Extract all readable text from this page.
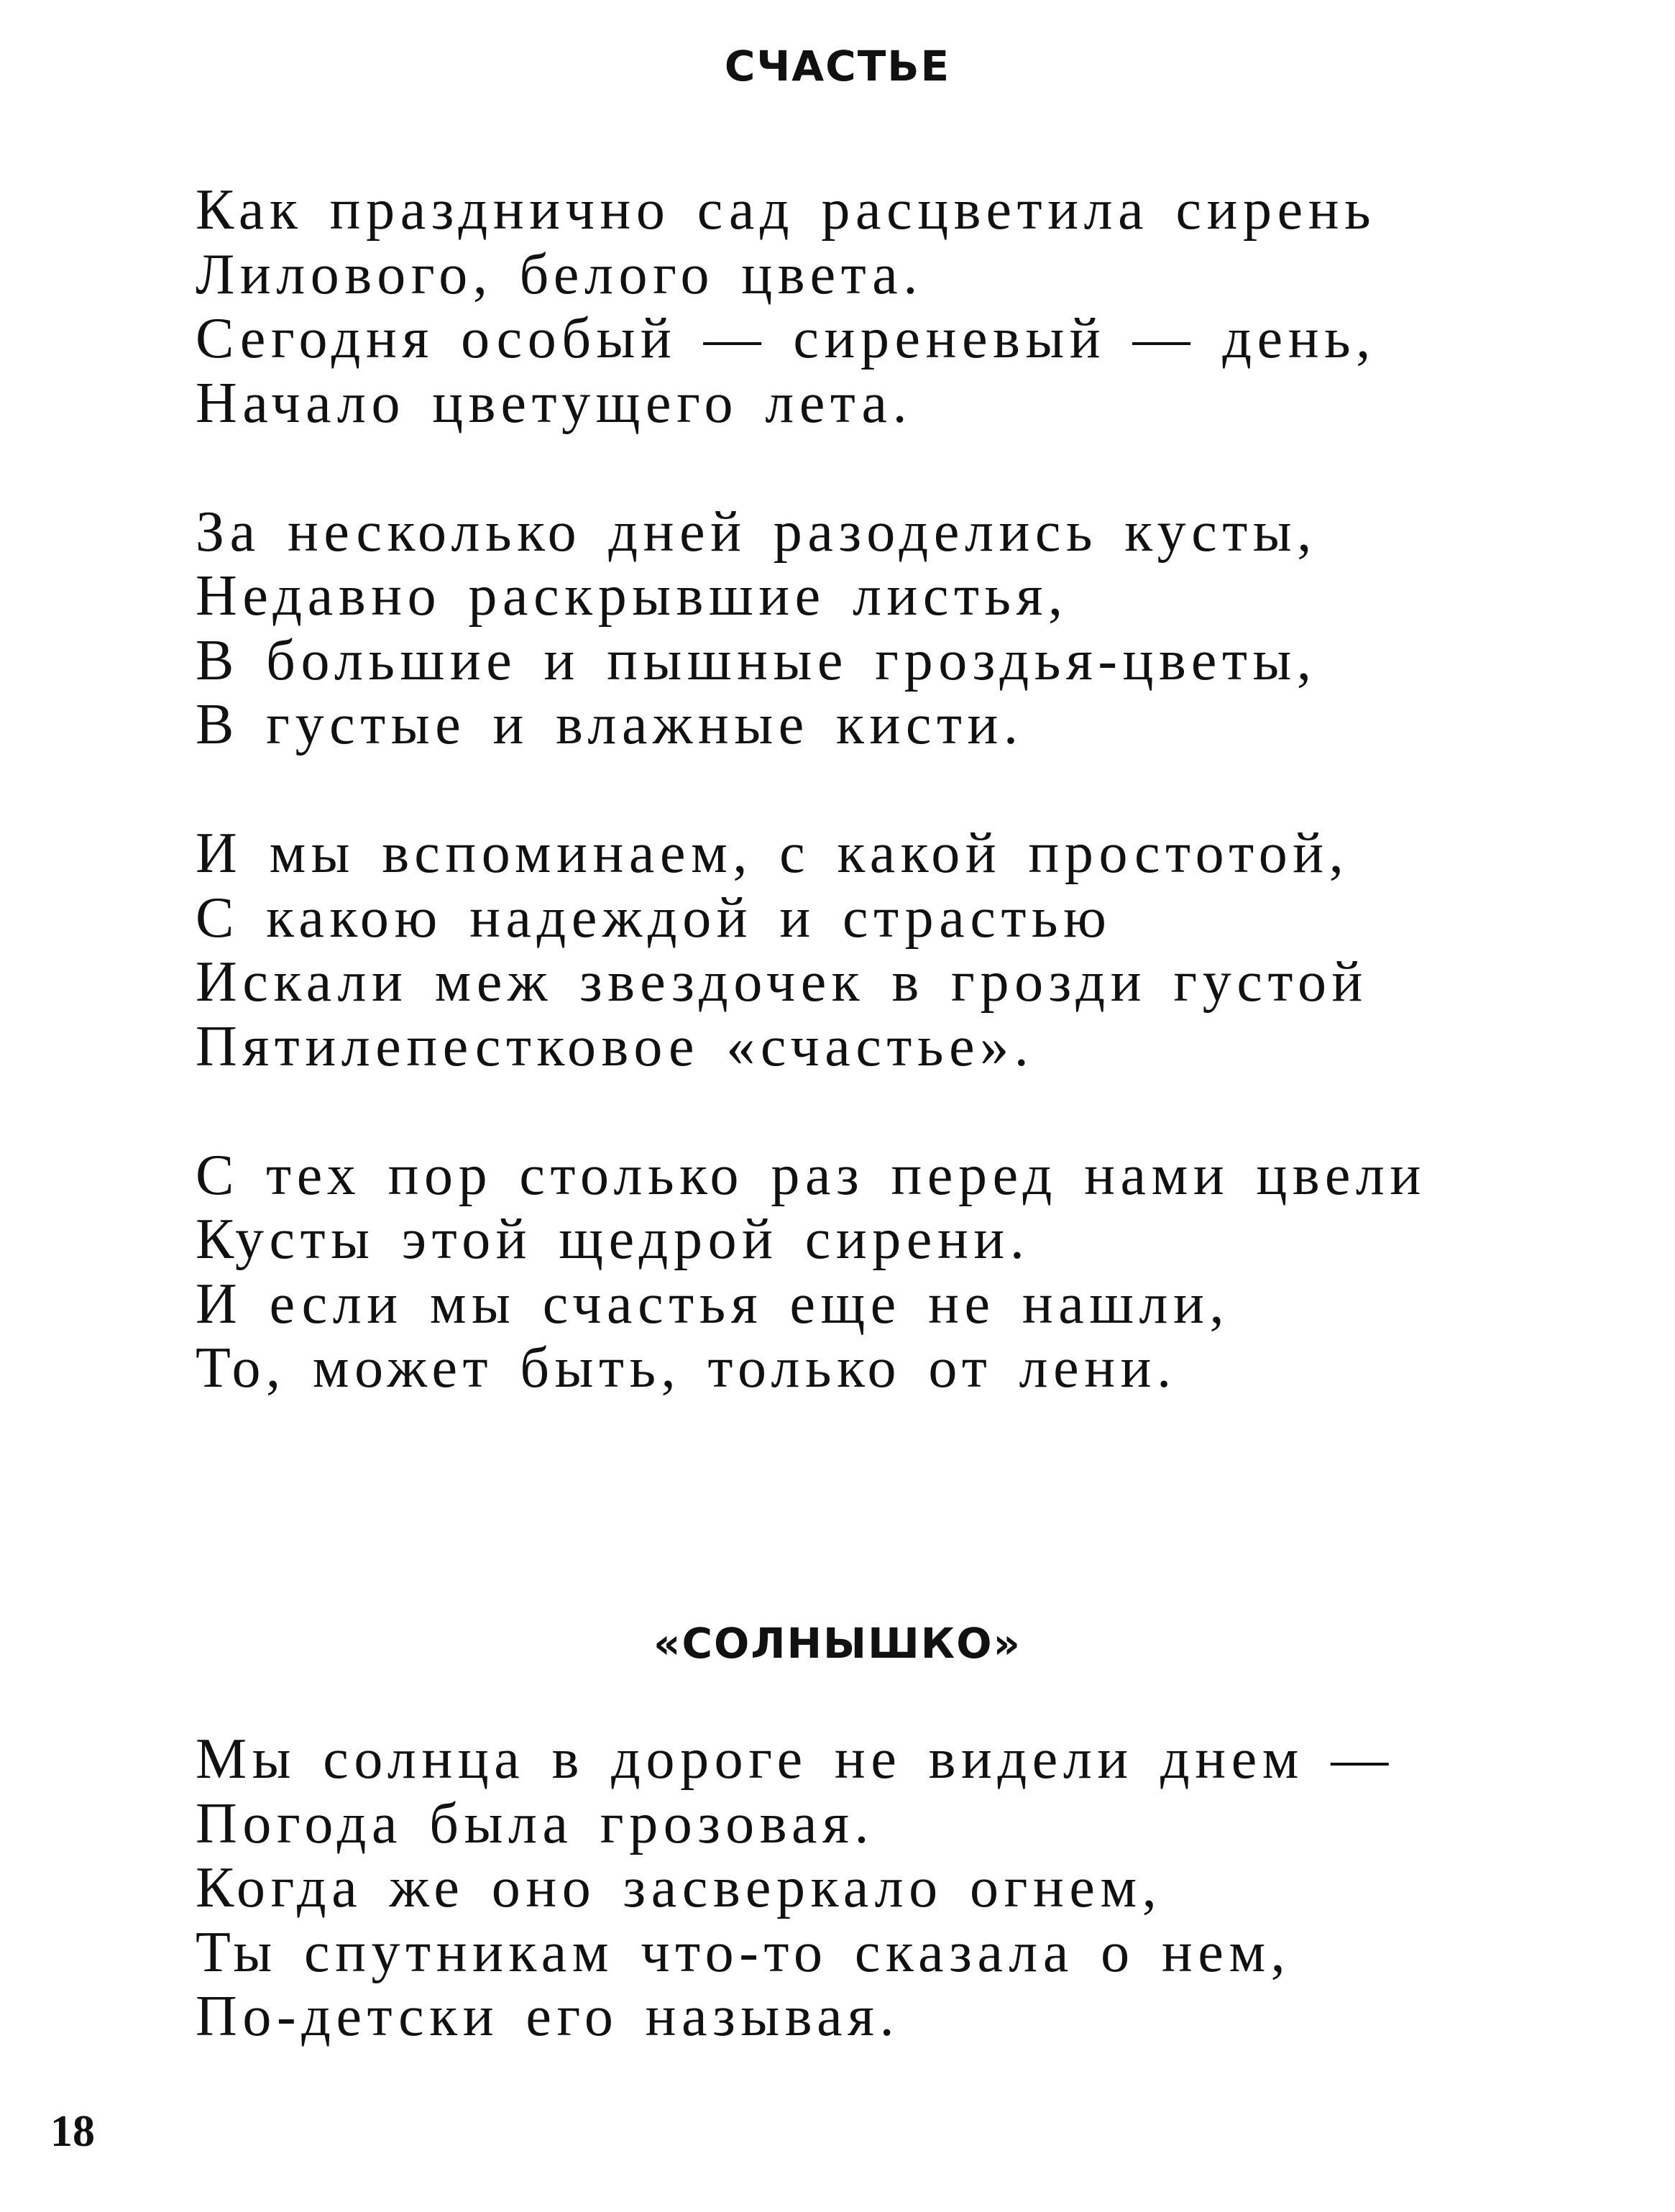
СЧАСТЬЕ
Как празднично сад расцветила сирень
Лилового, белого цвета.
Сегодня особый — сиреневый — день,
Начало цветущего лета.
За несколько дней разоделись кусты,
Недавно раскрывшие листья,
В большие и пышные гроздья-цветы,
В густые и влажные кисти.
И мы вспоминаем, с какой простотой,
С какою надеждой и страстью
Искали меж звездочек в грозди густой
Пятилепестковое «счастье».
С тех пор столько раз перед нами цвели
Кусты этой щедрой сирени.
И если мы счастья еще не нашли,
То, может быть, только от лени.
«СОЛНЫШКО»
Мы солнца в дороге не видели днем —
Погода была грозовая.
Когда же оно засверкало огнем,
Ты спутникам что-то сказала о нем,
По-детски его называя.
18
